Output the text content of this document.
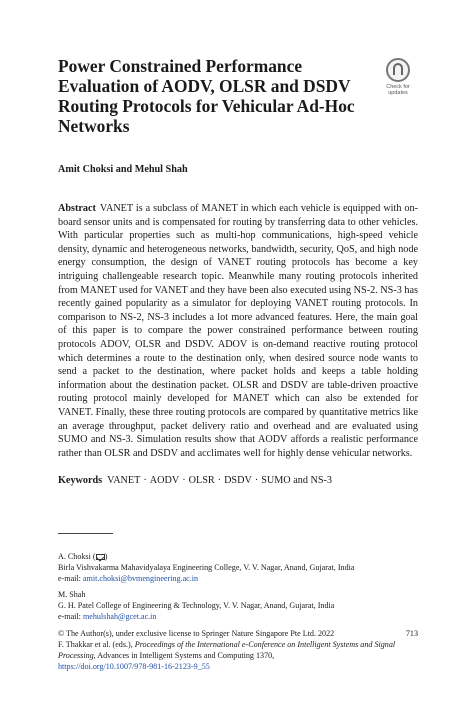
Power Constrained Performance Evaluation of AODV, OLSR and DSDV Routing Protocols for Vehicular Ad-Hoc Networks
Check for
updates

Amit Choksi and Mehul Shah

Abstract VANET is a subclass of MANET in which each vehicle is equipped with on-board sensor units and is compensated for routing by transferring data to other vehicles. With particular properties such as multi-hop communications, high-speed vehicle density, dynamic and heterogeneous networks, bandwidth, security, QoS, and high node energy consumption, the design of VANET routing protocols has become a key intriguing challengeable research topic. Meanwhile many routing protocols inherited from MANET used for VANET and they have been also executed using NS-2. NS-3 has recently gained popularity as a simulator for deploying VANET routing protocols. In comparison to NS-2, NS-3 includes a lot more advanced features. Here, the main goal of this paper is to compare the power constrained performance between routing protocols ADOV, OLSR and DSDV. ADOV is on-demand reactive routing protocol which determines a route to the destination only, when desired source node wants to send a packet to the destination, where packet holds and keeps a table holding information about the destination packet. OLSR and DSDV are table-driven proactive routing protocol mainly developed for MANET which can also be extended for VANET. Finally, these three routing protocols are compared by quantitative metrics like an average throughput, packet delivery ratio and overhead and are evaluated using SUMO and NS-3. Simulation results show that AODV affords a realistic performance rather than OLSR and DSDV and acclimates well for highly dense vehicular networks.

Keywords VANET · AODV · OLSR · DSDV · SUMO and NS-3

A. Choksi ( )

Birla Vishvakarma Mahavidyalaya Engineering College, V. V. Nagar, Anand, Gujarat, India

e-mail: amit.choksi@bvmengineering.ac.in

M. Shah

G. H. Patel College of Engineering & Technology, V. V. Nagar, Anand, Gujarat, India

e-mail: mehulshah@gcet.ac.in

713

© The Author(s), under exclusive license to Springer Nature Singapore Pte Ltd. 2022

F. Thakkar et al. (eds.), Proceedings of the International e-Conference on Intelligent Systems and Signal Processing, Advances in Intelligent Systems and Computing 1370,

https://doi.org/10.1007/978-981-16-2123-9_55
